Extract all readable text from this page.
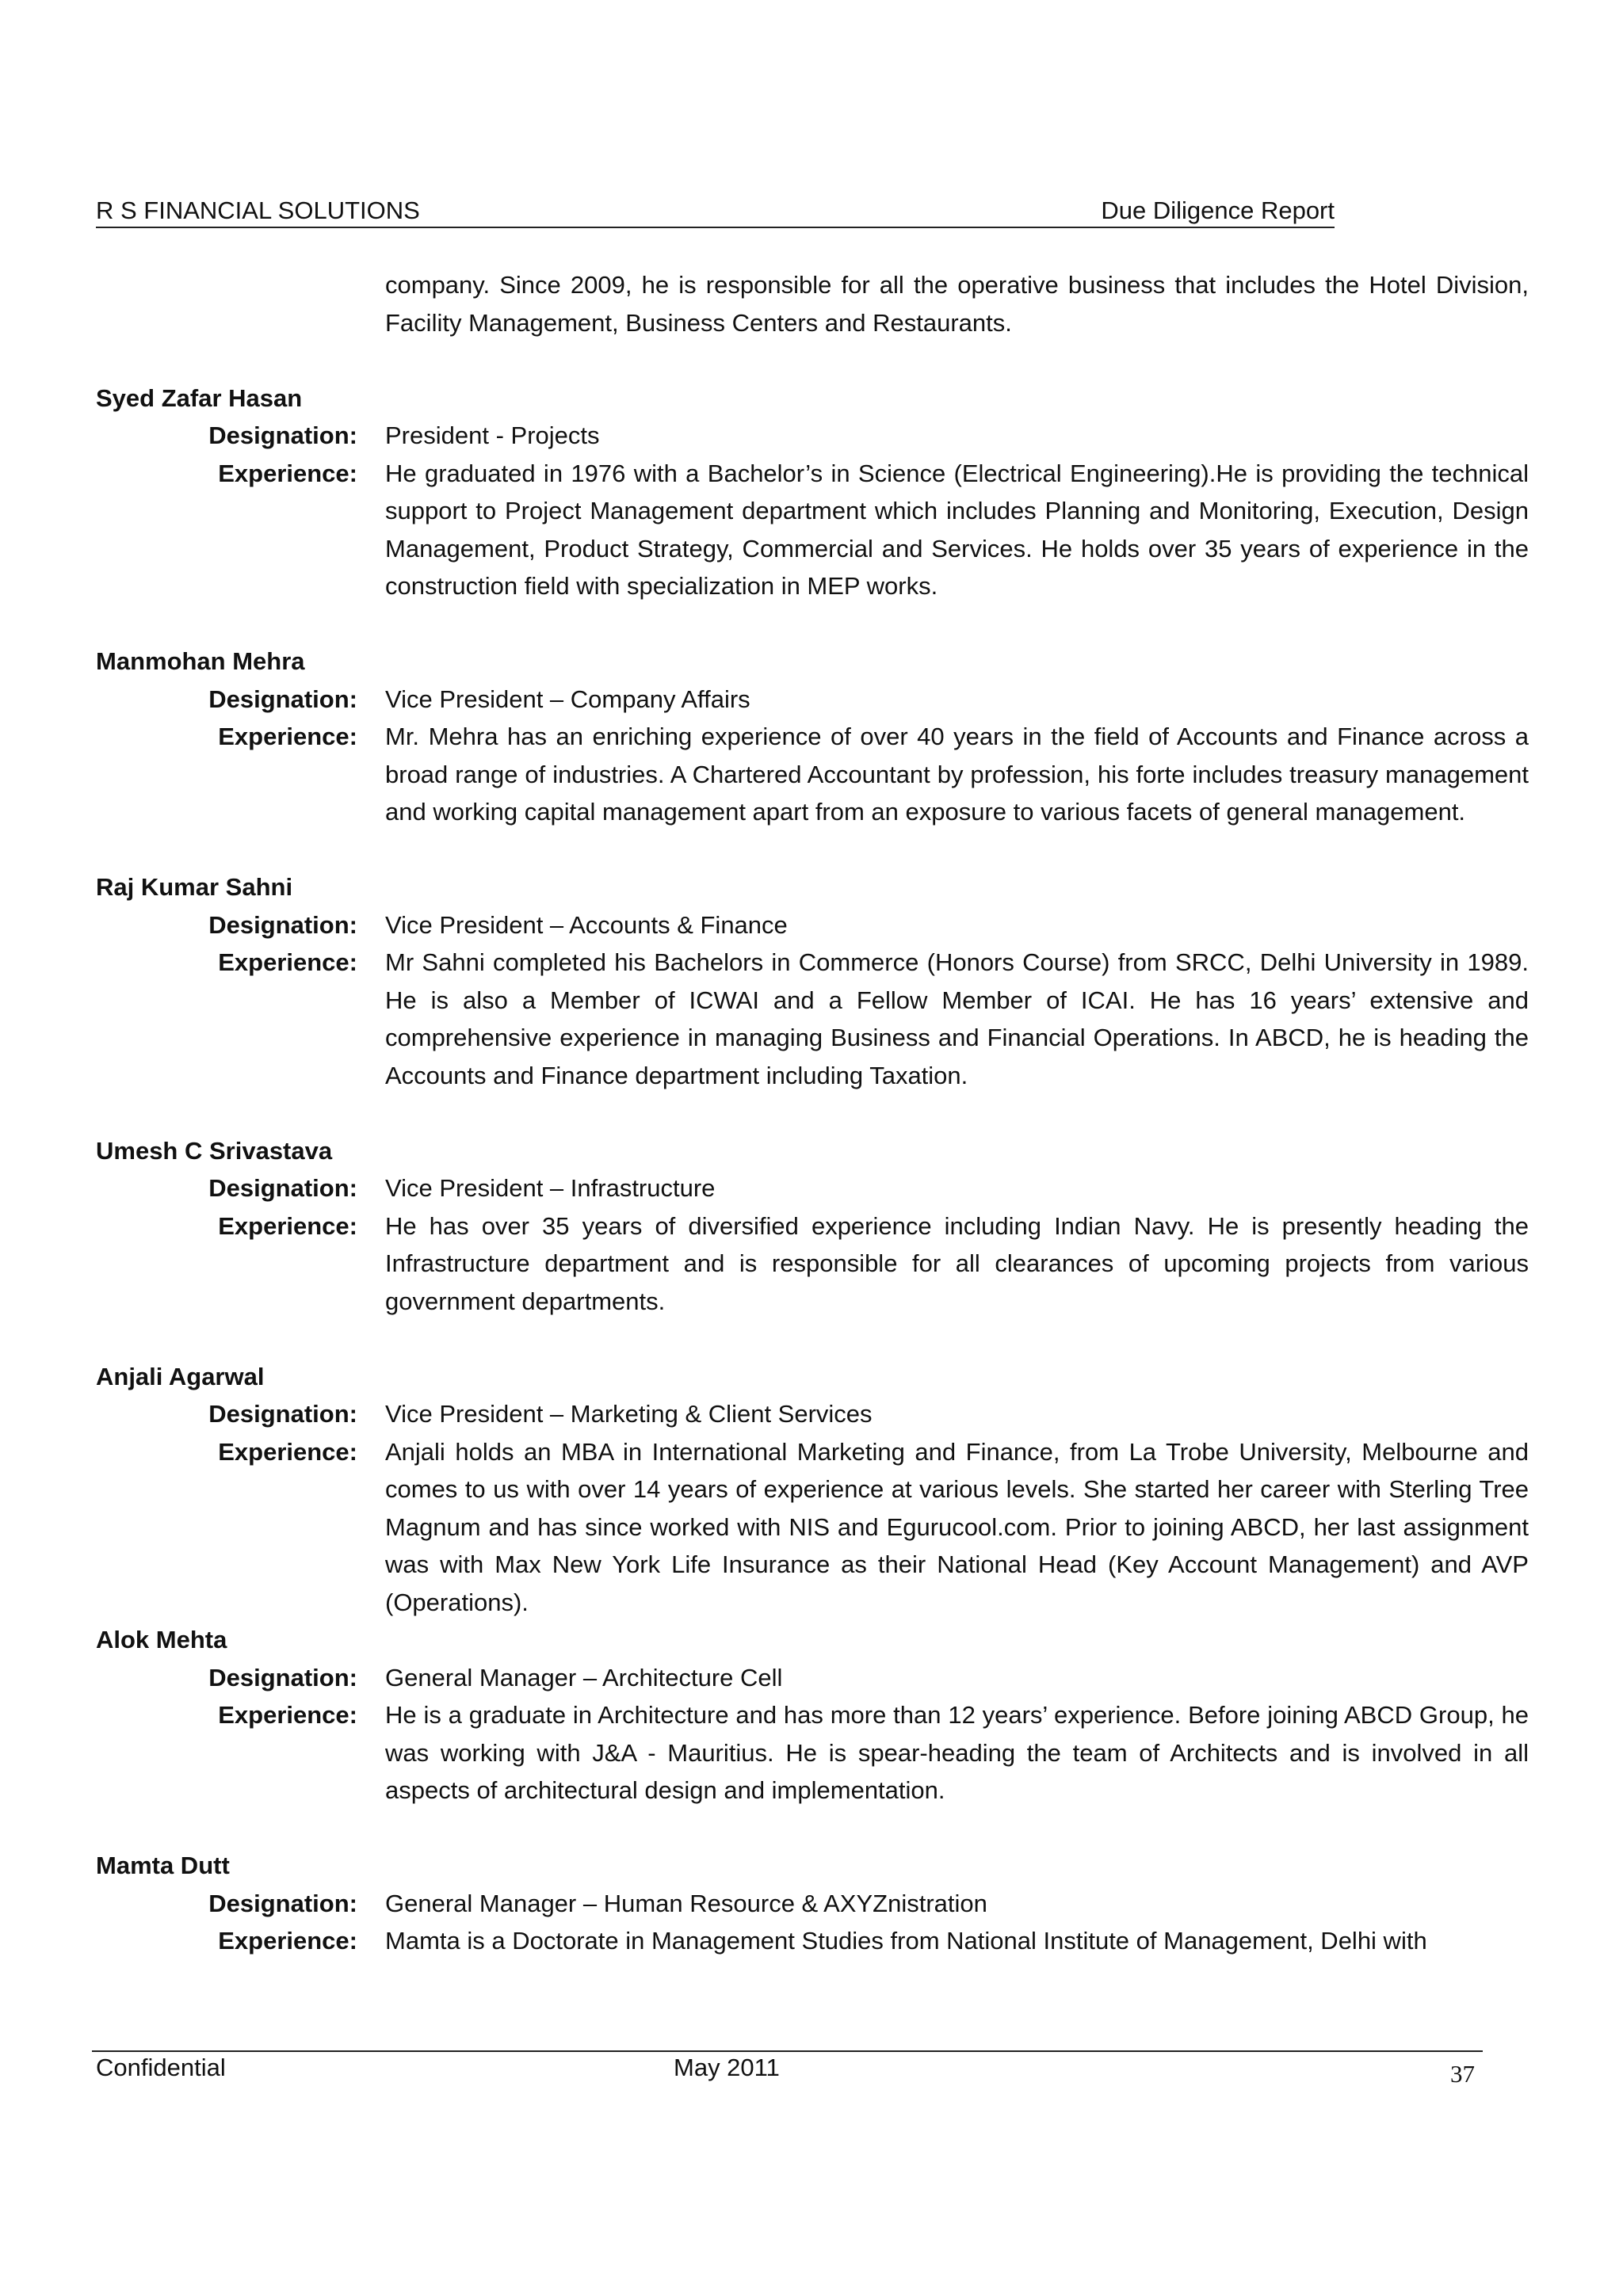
R S FINANCIAL SOLUTIONS	Due Diligence Report
company. Since 2009, he is responsible for all the operative business that includes the Hotel Division, Facility Management, Business Centers and Restaurants.
Syed Zafar Hasan
Designation:	President - Projects
Experience:	He graduated in 1976 with a Bachelor’s in Science (Electrical Engineering).He is providing the technical support to Project Management department which includes Planning and Monitoring, Execution, Design Management, Product Strategy, Commercial and Services. He holds over 35 years of experience in the construction field with specialization in MEP works.
Manmohan Mehra
Designation:	Vice President – Company Affairs
Experience:	Mr. Mehra has an enriching experience of over 40 years in the field of Accounts and Finance across a broad range of industries. A Chartered Accountant by profession, his forte includes treasury management and working capital management apart from an exposure to various facets of general management.
Raj Kumar Sahni
Designation:	Vice President – Accounts & Finance
Experience:	Mr Sahni completed his Bachelors in Commerce (Honors Course) from SRCC, Delhi University in 1989. He is also a Member of ICWAI and a Fellow Member of ICAI. He has 16 years’ extensive and comprehensive experience in managing Business and Financial Operations. In ABCD, he is heading the Accounts and Finance department including Taxation.
Umesh C Srivastava
Designation:	Vice President – Infrastructure
Experience:	He has over 35 years of diversified experience including Indian Navy. He is presently heading the Infrastructure department and is responsible for all clearances of upcoming projects from various government departments.
Anjali Agarwal
Designation:	Vice President – Marketing & Client Services
Experience:	Anjali holds an MBA in International Marketing and Finance, from La Trobe University, Melbourne and comes to us with over 14 years of experience at various levels. She started her career with Sterling Tree Magnum and has since worked with NIS and Egurucool.com. Prior to joining ABCD, her last assignment was with Max New York Life Insurance as their National Head (Key Account Management) and AVP (Operations).
Alok Mehta
Designation:	General Manager – Architecture Cell
Experience:	He is a graduate in Architecture and has more than 12 years’ experience. Before joining ABCD Group, he was working with J&A - Mauritius. He is spear-heading the team of Architects and is involved in all aspects of architectural design and implementation.
Mamta Dutt
Designation:	General Manager – Human Resource & AXYZnistration
Experience:	Mamta is a Doctorate in Management Studies from National Institute of Management, Delhi with
Confidential	May 2011	37
